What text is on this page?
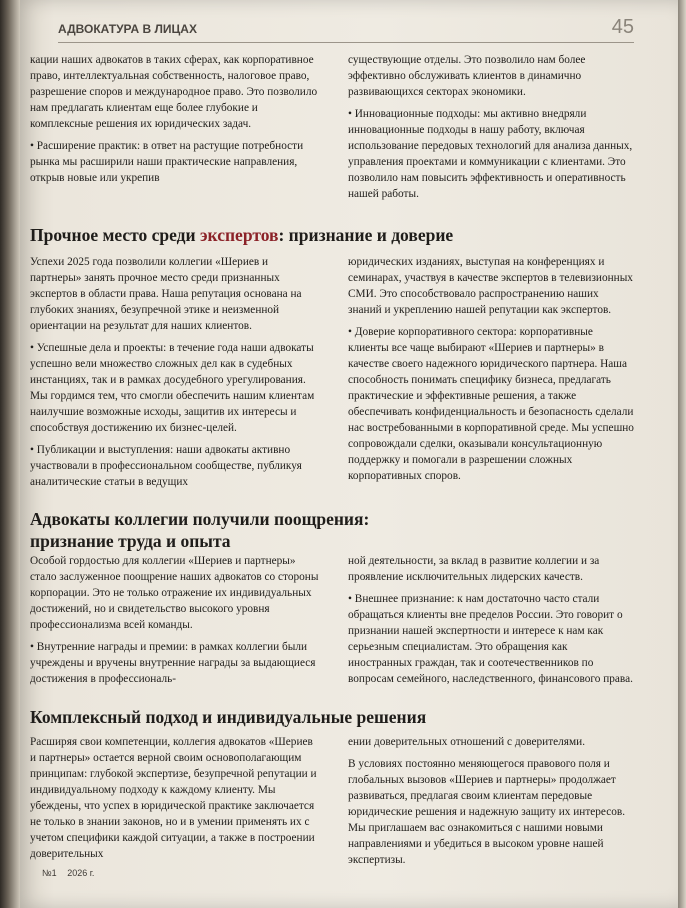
АДВОКАТУРА В ЛИЦАХ	45

кации наших адвокатов в таких сферах, как корпоративное право, интеллектуальная собственность, налоговое право, разрешение споров и международное право. Это позволило нам предлагать клиентам еще более глубокие и комплексные решения их юридических задач.

• Расширение практик: в ответ на растущие потребности рынка мы расширили наши практические направления, открыв новые или укрепив

существующие отделы. Это позволило нам более эффективно обслуживать клиентов в динамично развивающихся секторах экономики.

• Инновационные подходы: мы активно внедряли инновационные подходы в нашу работу, включая использование передовых технологий для анализа данных, управления проектами и коммуникации с клиентами. Это позволило нам повысить эффективность и оперативность нашей работы.

Прочное место среди экспертов: признание и доверие

Успехи 2025 года позволили коллегии «Шериев и партнеры» занять прочное место среди признанных экспертов в области права. Наша репутация основана на глубоких знаниях, безупречной этике и неизменной ориентации на результат для наших клиентов.

• Успешные дела и проекты: в течение года наши адвокаты успешно вели множество сложных дел как в судебных инстанциях, так и в рамках досудебного урегулирования. Мы гордимся тем, что смогли обеспечить нашим клиентам наилучшие возможные исходы, защитив их интересы и способствуя достижению их бизнес-целей.

• Публикации и выступления: наши адвокаты активно участвовали в профессиональном сообществе, публикуя аналитические статьи в ведущих

юридических изданиях, выступая на конференциях и семинарах, участвуя в качестве экспертов в телевизионных СМИ. Это способствовало распространению наших знаний и укреплению нашей репутации как экспертов.

• Доверие корпоративного сектора: корпоративные клиенты все чаще выбирают «Шериев и партнеры» в качестве своего надежного юридического партнера. Наша способность понимать специфику бизнеса, предлагать практические и эффективные решения, а также обеспечивать конфиденциальность и безопасность сделали нас востребованными в корпоративной среде. Мы успешно сопровождали сделки, оказывали консультационную поддержку и помогали в разрешении сложных корпоративных споров.

Адвокаты коллегии получили поощрения:
признание труда и опыта

Особой гордостью для коллегии «Шериев и партнеры» стало заслуженное поощрение наших адвокатов со стороны корпорации. Это не только отражение их индивидуальных достижений, но и свидетельство высокого уровня профессионализма всей команды.

• Внутренние награды и премии: в рамках коллегии были учреждены и вручены внутренние награды за выдающиеся достижения в профессиональ-

ной деятельности, за вклад в развитие коллегии и за проявление исключительных лидерских качеств.

• Внешнее признание: к нам достаточно часто стали обращаться клиенты вне пределов России. Это говорит о признании нашей экспертности и интересе к нам как серьезным специалистам. Это обращения как иностранных граждан, так и соотечественников по вопросам семейного, наследственного, финансового права.

Комплексный подход и индивидуальные решения

Расширяя свои компетенции, коллегия адвокатов «Шериев и партнеры» остается верной своим основополагающим принципам: глубокой экспертизе, безупречной репутации и индивидуальному подходу к каждому клиенту. Мы убеждены, что успех в юридической практике заключается не только в знании законов, но и в умении применять их с учетом специфики каждой ситуации, а также в построении доверительных

ении доверительных отношений с доверителями.

В условиях постоянно меняющегося правового поля и глобальных вызовов «Шериев и партнеры» продолжает развиваться, предлагая своим клиентам передовые юридические решения и надежную защиту их интересов. Мы приглашаем вас ознакомиться с нашими новыми направлениями и убедиться в высоком уровне нашей экспертизы.

№1 2026 г.
